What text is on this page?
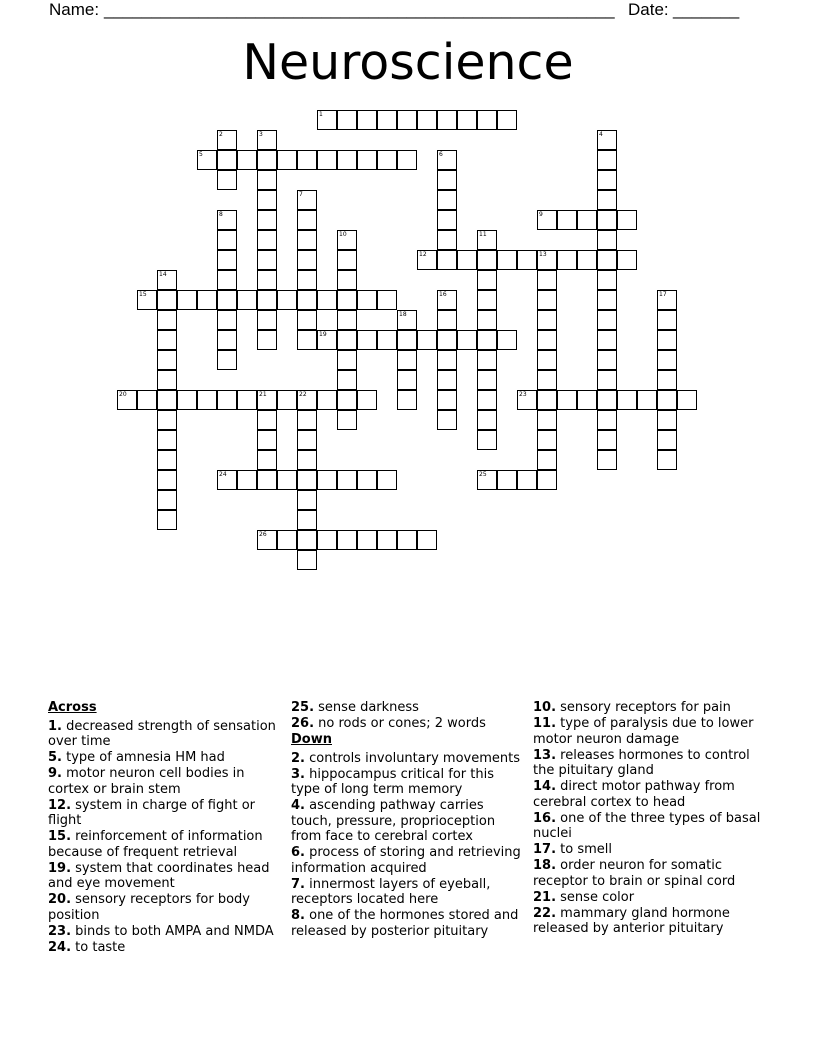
Name: ______________________________________________________ Date: _______
Neuroscience
1
2	3	4
5	6
7
8	9
10	11
12	13
14
15	16	17
18
19
20	21	22	23
24	25
26
Across
1. decreased strength of sensation over time
5. type of amnesia HM had
9. motor neuron cell bodies in cortex or brain stem
12. system in charge of fight or flight
15. reinforcement of information because of frequent retrieval
19. system that coordinates head and eye movement
20. sensory receptors for body position
23. binds to both AMPA and NMDA
24. to taste
25. sense darkness
26. no rods or cones; 2 words
Down
2. controls involuntary movements
3. hippocampus critical for this type of long term memory
4. ascending pathway carries touch, pressure, proprioception from face to cerebral cortex
6. process of storing and retrieving information acquired
7. innermost layers of eyeball, receptors located here
8. one of the hormones stored and released by posterior pituitary
10. sensory receptors for pain
11. type of paralysis due to lower motor neuron damage
13. releases hormones to control the pituitary gland
14. direct motor pathway from cerebral cortex to head
16. one of the three types of basal nuclei
17. to smell
18. order neuron for somatic receptor to brain or spinal cord
21. sense color
22. mammary gland hormone released by anterior pituitary
